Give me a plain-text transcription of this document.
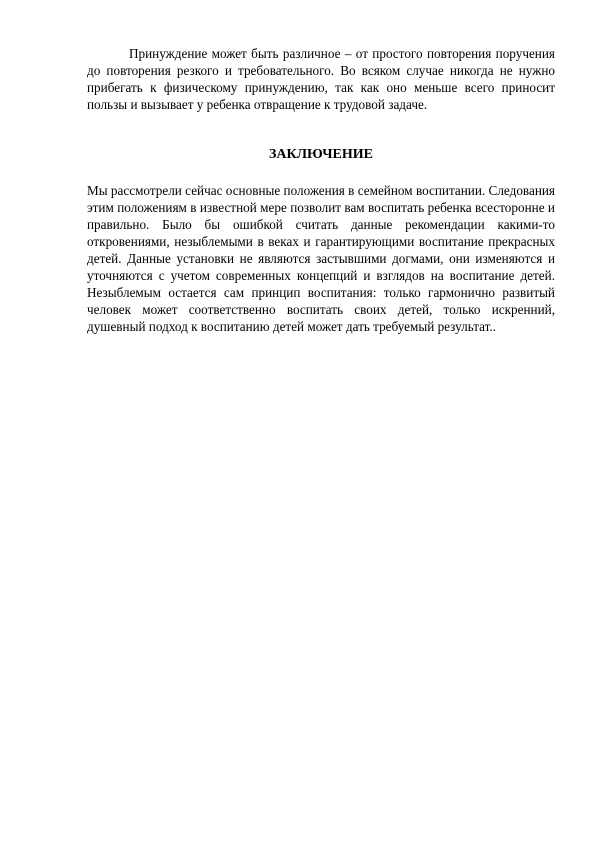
Принуждение может быть различное – от простого повторения поручения до повторения резкого и требовательного. Во всяком случае никогда не нужно прибегать к физическому принуждению, так как оно меньше всего приносит пользы и вызывает у ребенка отвращение к трудовой задаче.

ЗАКЛЮЧЕНИЕ

Мы рассмотрели сейчас основные положения в семейном воспитании. Следования этим положениям в известной мере позволит вам воспитать ребенка всесторонне и правильно. Было бы ошибкой считать данные рекомендации какими-то откровениями, незыблемыми в веках и гарантирующими воспитание прекрасных детей. Данные установки не являются застывшими догмами, они изменяются и уточняются с учетом современных концепций и взглядов на воспитание детей. Незыблемым остается сам принцип воспитания: только гармонично развитый человек может соответственно воспитать своих детей, только искренний, душевный подход к воспитанию детей может дать требуемый результат..
